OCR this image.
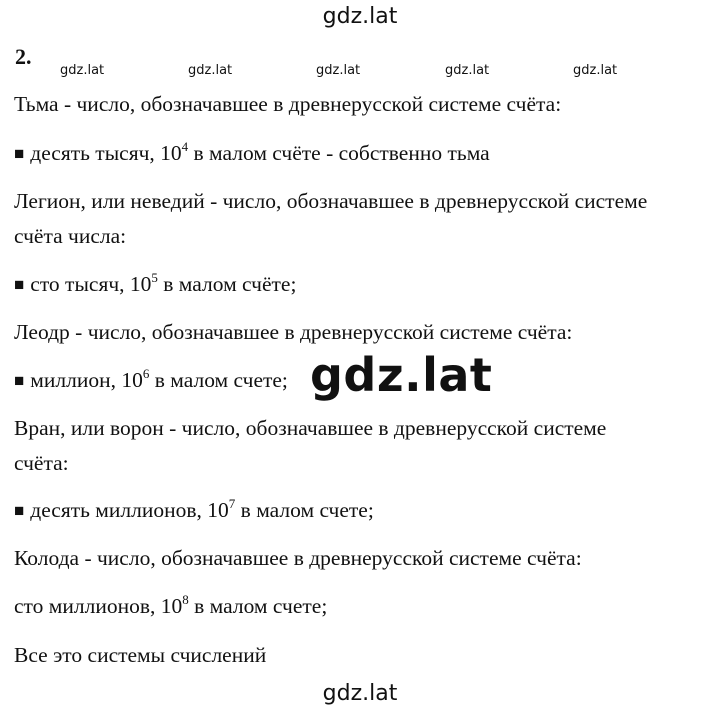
gdz.lat
2.
gdz.lat	gdz.lat	gdz.lat	gdz.lat	gdz.lat
Тьма - число, обозначавшее в древнерусской системе счёта:
■ десять тысяч, $10^4$ в малом счёте - собственно тьма
Легион, или неведий - число, обозначавшее в древнерусской системе
счёта числа:
■ сто тысяч, $10^5$ в малом счёте;
Леодр - число, обозначавшее в древнерусской системе счёта:
■ миллион, $10^6$ в малом счете;
Вран, или ворон - число, обозначавшее в древнерусской системе
счёта:
■ десять миллионов, $10^7$ в малом счете;
Колода - число, обозначавшее в древнерусской системе счёта:
сто миллионов, $10^8$ в малом счете;
Все это системы счислений
gdz.lat
gdz.lat
